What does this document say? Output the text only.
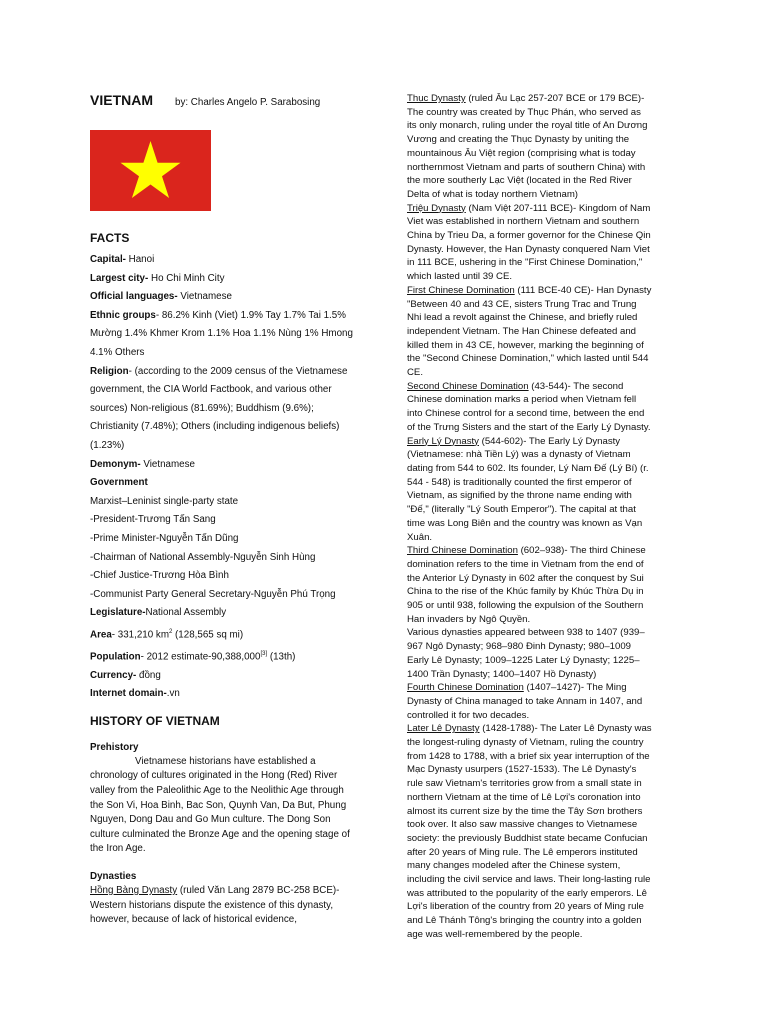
VIETNAM by: Charles Angelo P. Sarabosing
FACTS
Capital- Hanoi
Largest city- Ho Chi Minh City
Official languages- Vietnamese
Ethnic groups- 86.2% Kinh (Viet) 1.9% Tay 1.7% Tai 1.5% Mường 1.4% Khmer Krom 1.1% Hoa 1.1% Nùng 1% Hmong 4.1% Others
Religion- (according to the 2009 census of the Vietnamese government, the CIA World Factbook, and various other sources) Non-religious (81.69%); Buddhism (9.6%); Christianity (7.48%); Others (including indigenous beliefs) (1.23%)
Demonym- Vietnamese
Government
Marxist–Leninist single-party state
-President-Trương Tấn Sang
-Prime Minister-Nguyễn Tấn Dũng
-Chairman of National Assembly-Nguyễn Sinh Hùng
-Chief Justice-Trương Hòa Bình
-Communist Party General Secretary-Nguyễn Phú Trọng
Legislature-National Assembly
Area- 331,210 $km^2$ (128,565 sq mi)
Population- 2012 estimate-90,388,000[3] (13th)
Currency- đồng
Internet domain-.vn
HISTORY OF VIETNAM
Prehistory
Vietnamese historians have established a chronology of cultures originated in the Hong (Red) River valley from the Paleolithic Age to the Neolithic Age through the Son Vi, Hoa Binh, Bac Son, Quynh Van, Da But, Phung Nguyen, Dong Dau and Go Mun culture. The Dong Son culture culminated the Bronze Age and the opening stage of the Iron Age.
Dynasties
Hồng Bàng Dynasty (ruled Văn Lang 2879 BC-258 BCE)- Western historians dispute the existence of this dynasty, however, because of lack of historical evidence,

Thục Dynasty (ruled Âu Lạc 257-207 BCE or 179 BCE)- The country was created by Thục Phán, who served as its only monarch, ruling under the royal title of An Dương Vương and creating the Thục Dynasty by uniting the mountainous Âu Việt region (comprising what is today northernmost Vietnam and parts of southern China) with the more southerly Lạc Việt (located in the Red River Delta of what is today northern Vietnam)

Triệu Dynasty (Nam Việt 207-111 BCE)- Kingdom of Nam Viet was established in northern Vietnam and southern China by Trieu Da, a former governor for the Chinese Qin Dynasty. However, the Han Dynasty conquered Nam Viet in 111 BCE, ushering in the "First Chinese Domination," which lasted until 39 CE.

First Chinese Domination (111 BCE-40 CE)- Han Dynasty "Between 40 and 43 CE, sisters Trung Trac and Trung Nhi lead a revolt against the Chinese, and briefly ruled independent Vietnam. The Han Chinese defeated and killed them in 43 CE, however, marking the beginning of the "Second Chinese Domination," which lasted until 544 CE.

Second Chinese Domination (43-544)- The second Chinese domination marks a period when Vietnam fell into Chinese control for a second time, between the end of the Trưng Sisters and the start of the Early Lý Dynasty.

Early Lý Dynasty (544-602)- The Early Lý Dynasty (Vietnamese: nhà Tiền Lý) was a dynasty of Vietnam dating from 544 to 602. Its founder, Lý Nam Đế (Lý Bí) (r. 544 - 548) is traditionally counted the first emperor of Vietnam, as signified by the throne name ending with "Đế," (literally "Lý South Emperor"). The capital at that time was Long Biên and the country was known as Vạn Xuân.

Third Chinese Domination (602–938)- The third Chinese domination refers to the time in Vietnam from the end of the Anterior Lý Dynasty in 602 after the conquest by Sui China to the rise of the Khúc family by Khúc Thừa Dụ in 905 or until 938, following the expulsion of the Southern Han invaders by Ngô Quyền.

Various dynasties appeared between 938 to 1407 (939–967 Ngô Dynasty; 968–980 Đinh Dynasty; 980–1009 Early Lê Dynasty; 1009–1225 Later Lý Dynasty; 1225–1400 Trần Dynasty; 1400–1407 Hồ Dynasty)

Fourth Chinese Domination (1407–1427)- The Ming Dynasty of China managed to take Annam in 1407, and controlled it for two decades.

Later Lê Dynasty (1428-1788)- The Later Lê Dynasty was the longest-ruling dynasty of Vietnam, ruling the country from 1428 to 1788, with a brief six year interruption of the Mạc Dynasty usurpers (1527-1533). The Lê Dynasty's rule saw Vietnam's territories grow from a small state in northern Vietnam at the time of Lê Lợi's coronation into almost its current size by the time the Tây Sơn brothers took over. It also saw massive changes to Vietnamese society: the previously Buddhist state became Confucian after 20 years of Ming rule. The Lê emperors instituted many changes modeled after the Chinese system, including the civil service and laws. Their long-lasting rule was attributed to the popularity of the early emperors. Lê Lợi's liberation of the country from 20 years of Ming rule and Lê Thánh Tông's bringing the country into a golden age was well-remembered by the people.
